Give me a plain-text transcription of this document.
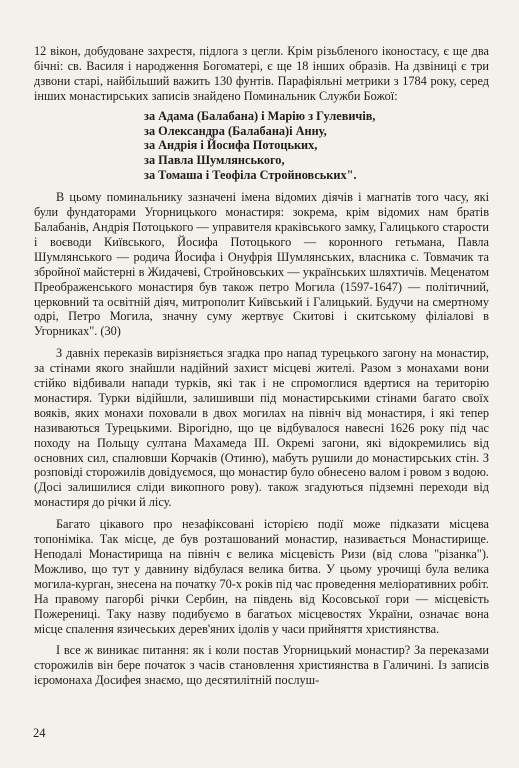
12 вікон, добудоване захрестя, підлога з цегли. Крім різьбленого іконостасу, є ще два бічні: св. Василя і народження Богоматері, є ще 18 інших образів. На дзвіниці є три дзвони старі, найбільший важить 130 фунтів. Парафіяльні метрики з 1784 року, серед інших монастирських записів знайдено Поминальник Служби Божої:

за Адама (Балабана) і Марію з Гулевичів,
за Олександра (Балабана)і Анну,
за Андрія і Йосифа Потоцьких,
за Павла Шумлянського,
за Томаша і Теофіла Стройновських".

В цьому поминальнику зазначені імена відомих діячів і магнатів того часу, які були фундаторами Угорницького монастиря: зокрема, крім відомих нам братів Балабанів, Андрія Потоцького — управителя краківського замку, Галицького старости і воєводи Київського, Йосифа Потоцького — коронного гетьмана, Павла Шумлянського — родича Йосифа і Онуфрія Шумлянських, власника с. Товмачик та збройної майстерні в Жидачеві, Стройновських — українських шляхтичів. Меценатом Преображенського монастиря був також петро Могила (1597-1647) — політичний, церковний та освітній діяч, митрополит Київський і Галицький. Будучи на смертному одрі, Петро Могила, значну суму жертвує Скитові і скитському філіалові в Угорниках". (30)

З давніх переказів вирізняється згадка про напад турецького загону на монастир, за стінами якого знайшли надійний захист місцеві жителі. Разом з монахами вони стійко відбивали напади турків, які так і не спромоглися вдертися на територію монастиря. Турки відійшли, залишивши під монастирськими стінами багато своїх вояків, яких монахи поховали в двох могилах на північ від монастиря, і які тепер називаються Турецькими. Вірогідно, що це відбувалося навесні 1626 року під час походу на Польщу султана Махамеда III. Окремі загони, які відокремились від основних сил, спалювши Корчаків (Отиню), мабуть рушили до монастирських стін. З розповіді сторожилів довідуємося, що монастир було обнесено валом і ровом з водою. (Досі залишилися сліди викопного рову). також згадуються підземні переходи від монастиря до річки й лісу.

Багато цікавого про незафіксовані історією події може підказати місцева топоніміка. Так місце, де був розташований монастир, називається Монастирище. Неподалі Монастирища на північ є велика місцевість Ризи (від слова "різанка"). Можливо, що тут у давнину відбулася велика битва. У цьому урочищі була велика могила-курган, знесена на початку 70-х років під час проведення меліоративних робіт. На правому пагорбі річки Сербин, на південь від Косовської гори — місцевість Пожерениці. Таку назву подибуємо в багатьох місцевостях України, означає вона місце спалення язичеських дерев'яних ідолів у часи прийняття християнства.

І все ж виникає питання: як і коли постав Угорницький монастир? За переказами сторожилів він бере початок з часів становлення християнства в Галичині. Із записів ієромонаха Досифея знаємо, що десятилітній послуш-

24
